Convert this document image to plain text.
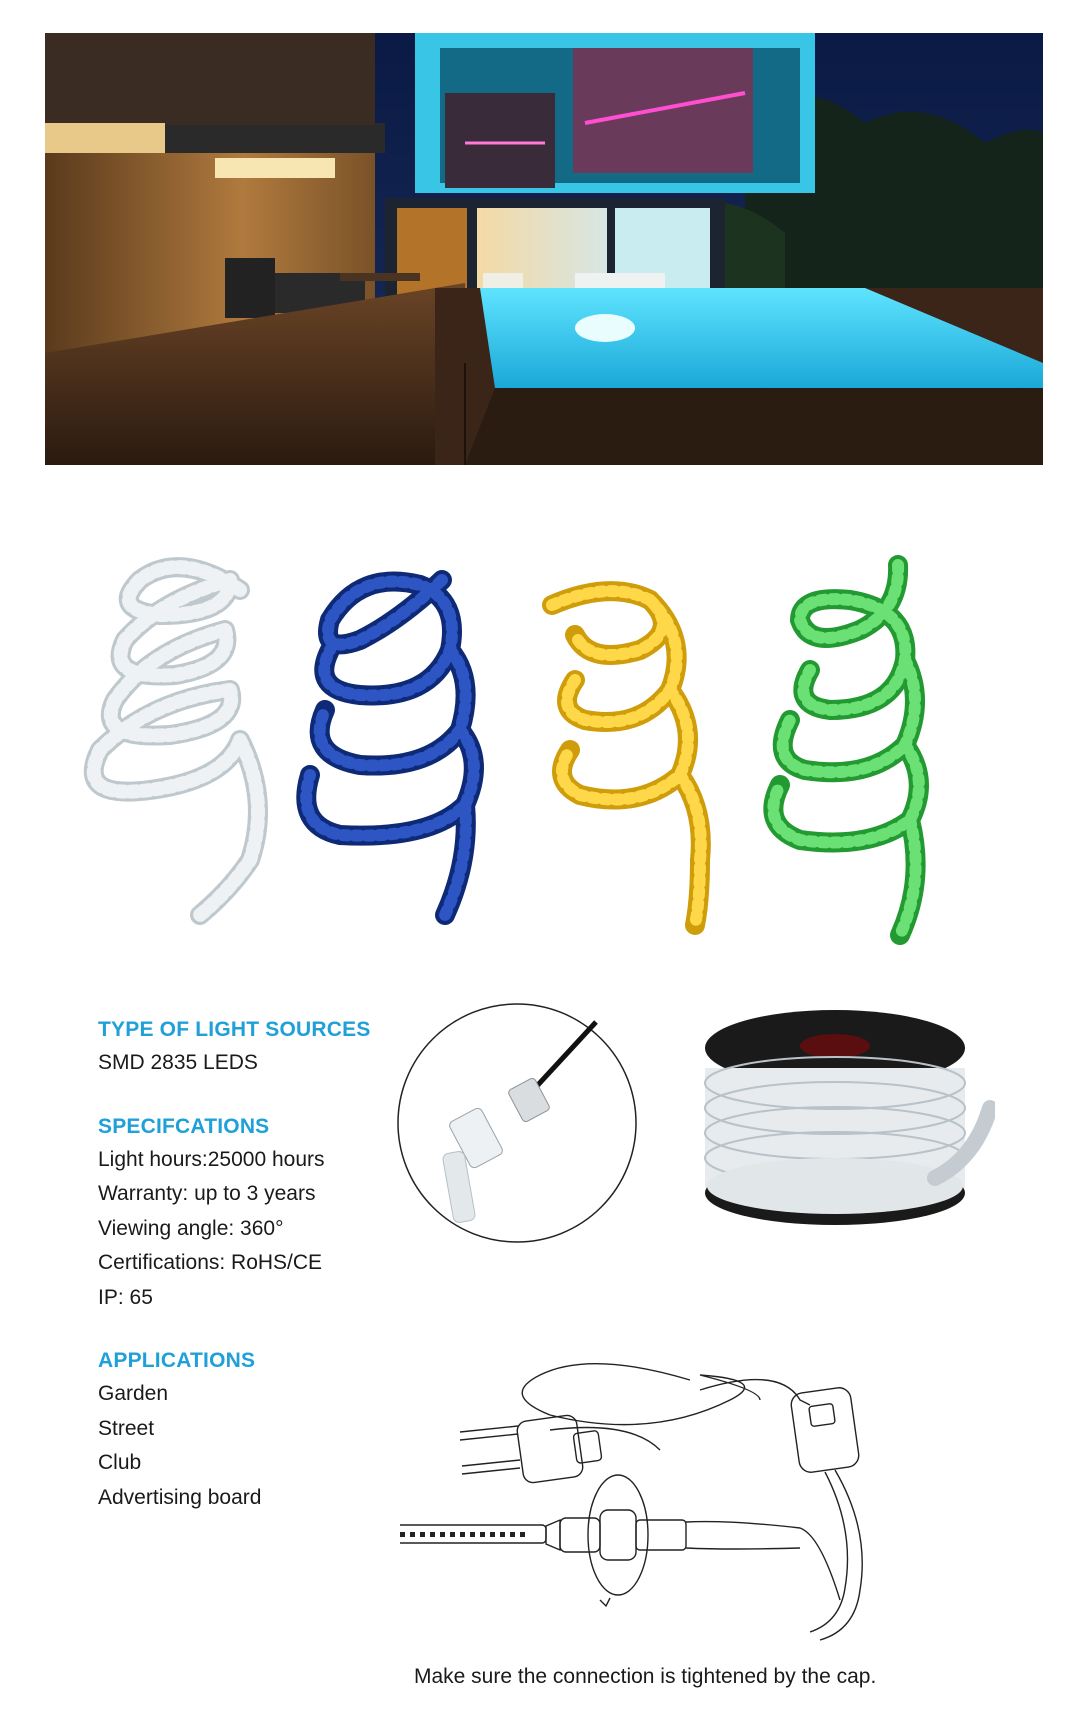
TYPE OF LIGHT SOURCES

SMD 2835 LEDS

SPECIFCATIONS

Light hours:25000 hours

Warranty: up to 3 years

Viewing angle: 360°

Certifications: RoHS/CE

IP: 65

APPLICATIONS

Garden

Street

Club

Advertising board

Make sure the connection is tightened by the cap.
